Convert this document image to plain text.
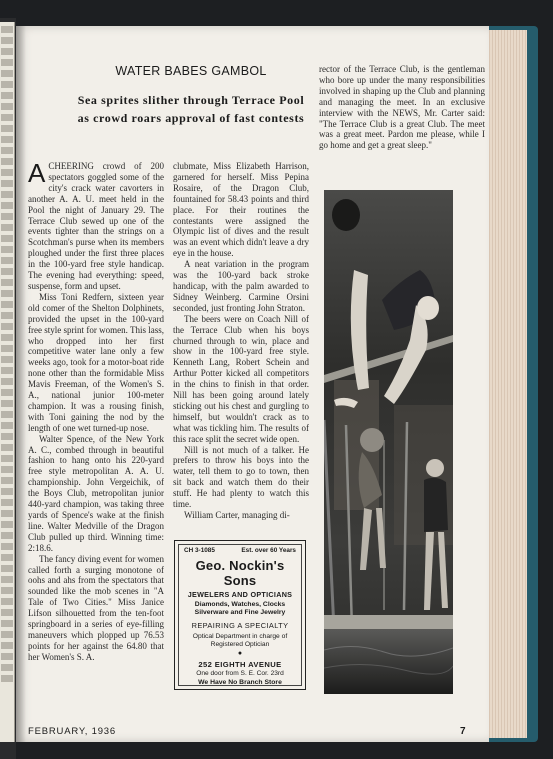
WATER BABES GAMBOL
Sea sprites slither through Terrace Pool as crowd roars approval of fast contests

ACHEERING crowd of 200 spectators goggled some of the city's crack water cavorters in another A. A. U. meet held in the Pool the night of January 29. The Terrace Club sewed up one of the events tighter than the strings on a Scotchman's purse when its members ploughed under the first three places in the 100-yard free style handicap. The evening had everything: speed, suspense, form and upset.

Miss Toni Redfern, sixteen year old comer of the Shelton Dolphinets, provided the upset in the 100-yard free style sprint for women. This lass, who dropped into her first competitive water lane only a few weeks ago, took for a motor-boat ride none other than the formidable Miss Mavis Freeman, of the Women's S. A., national junior 100-meter champion. It was a rousing finish, with Toni gaining the nod by the length of one wet turned-up nose.

Walter Spence, of the New York A. C., combed through in beautiful fashion to hang onto his 220-yard free style metropolitan A. A. U. championship. John Vergeichik, of the Boys Club, metropolitan junior 440-yard champion, was taking three yards of Spence's wake at the finish line. Walter Medville of the Dragon Club pulled up third. Winning time: 2:18.6.

The fancy diving event for women called forth a surging monotone of oohs and ahs from the spectators that sounded like the mob scenes in "A Tale of Two Cities." Miss Janice Lifson silhouetted from the ten-foot springboard in a series of eye-filling maneuvers which plopped up 76.53 points for her against the 64.80 that her Women's S. A.

clubmate, Miss Elizabeth Harrison, garnered for herself. Miss Pepina Rosaire, of the Dragon Club, fountained for 58.43 points and third place. For their routines the contestants were assigned the Olympic list of dives and the result was an event which didn't leave a dry eye in the house.

A neat variation in the program was the 100-yard back stroke handicap, with the palm awarded to Sidney Weinberg. Carmine Orsini seconded, just fronting John Straton.

The beers were on Coach Nill of the Terrace Club when his boys churned through to win, place and show in the 100-yard free style. Kenneth Lang, Robert Schein and Arthur Potter kicked all competitors in the chins to finish in that order. Nill has been going around lately sticking out his chest and gurgling to himself, but wouldn't crack as to what was tickling him. The results of this race split the secret wide open.

Nill is not much of a talker. He prefers to throw his boys into the water, tell them to go to town, then sit back and watch them do their stuff. He had plenty to watch this time.

William Carter, managing di-

rector of the Terrace Club, is the gentleman who bore up under the many responsibilities involved in shaping up the Club and planning and managing the meet. In an exclusive interview with the NEWS, Mr. Carter said: "The Terrace Club is a great Club. The meet was a great meet. Pardon me please, while I go home and get a great sleep."

CH 3-1085	Est. over 60 Years
Geo. Nockin's Sons
JEWELERS AND OPTICIANS
Diamonds, Watches, Clocks
Silverware and Fine Jewelry
REPAIRING A SPECIALTY
Optical Department in charge of Registered Optician
●
252 EIGHTH AVENUE
One door from S. E. Cor. 23rd
We Have No Branch Store
FEBRUARY, 1936	7
